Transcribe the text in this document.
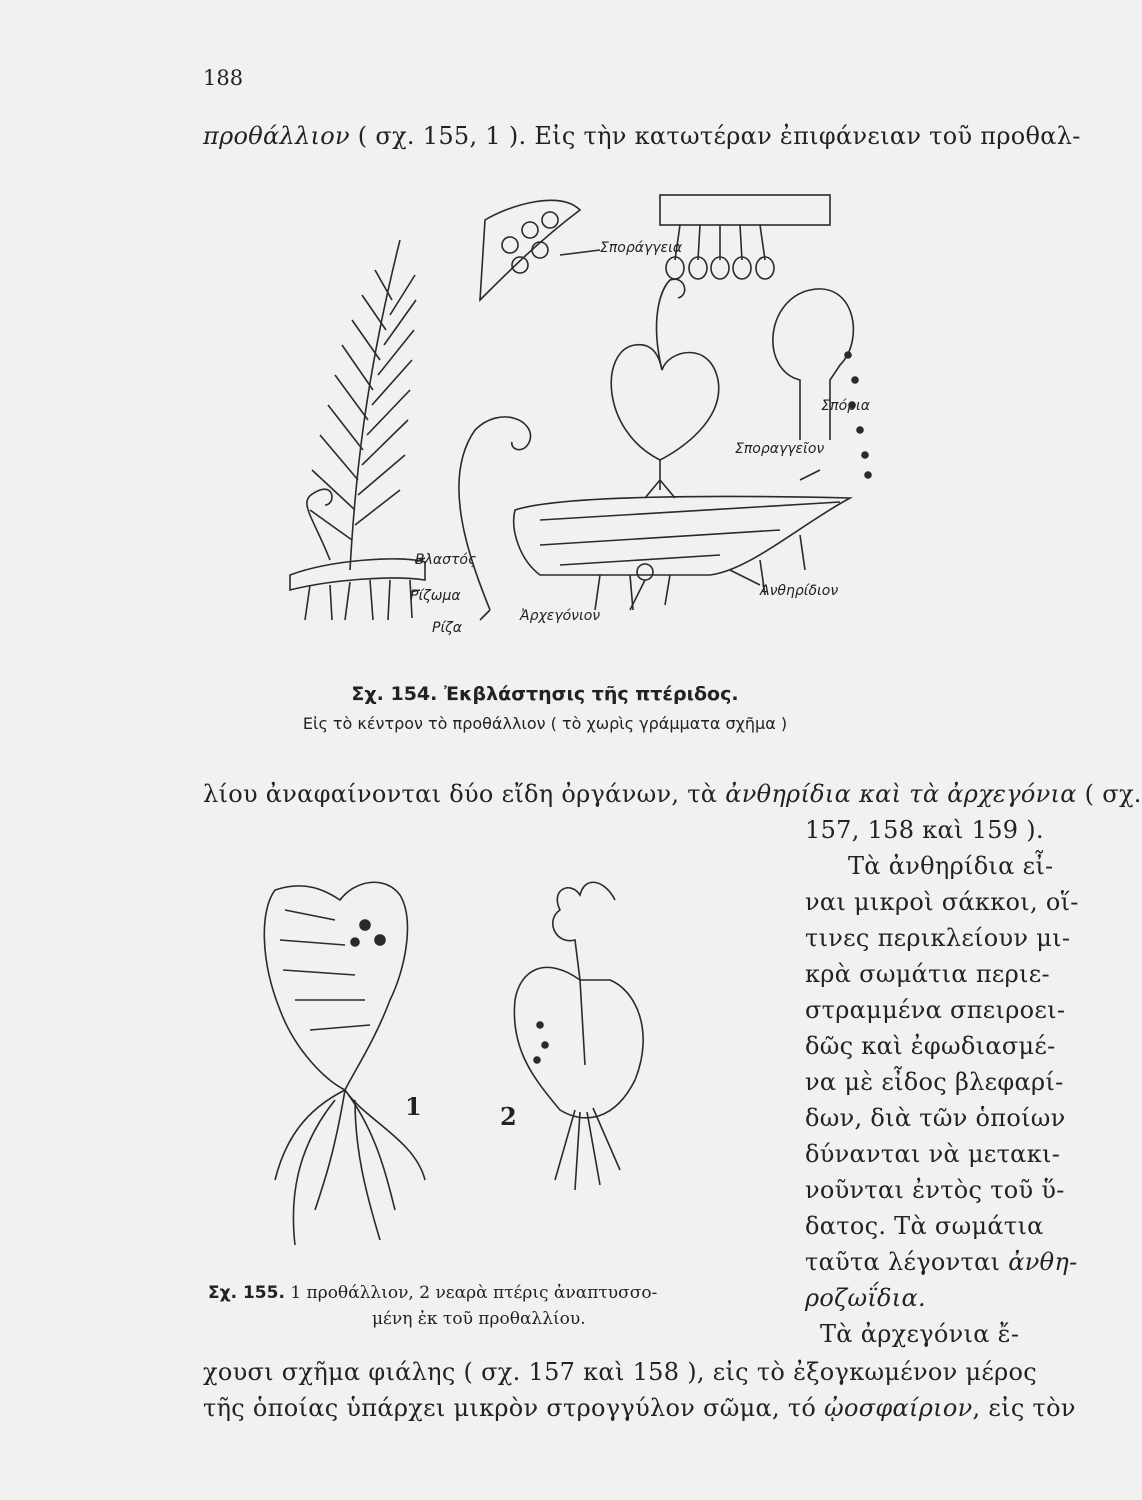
188
προθάλλιον ( σχ. 155, 1 ). Εἰς τὴν κατωτέραν ἐπιφάνειαν τοῦ προθαλ-
Σποράγγεια
Σπόρια
Σποραγγεῖον
Βλαστός
Ρίζωμα
Ρίζα
Ἀρχεγόνιον
Ἀνθηρίδιον
Σχ. 154. Ἐκβλάστησις τῆς πτέριδος.
Εἰς τὸ κέντρον τὸ προθάλλιον ( τὸ χωρὶς γράμματα σχῆμα )
λίου ἀναφαίνονται δύο εἴδη ὀργάνων, τὰ ἀνθηρίδια καὶ τὰ ἀρχεγόνια ( σχ.
157, 158 καὶ 159 ).
Τὰ ἀνθηρίδια εἶ-
ναι μικροὶ σάκκοι, οἵ-
τινες περικλείουν μι-
κρὰ σωμάτια περιε-
στραμμένα σπειροει-
δῶς καὶ ἐφωδιασμέ-
να μὲ εἶδος βλεφαρί-
δων, διὰ τῶν ὁποίων
δύνανται νὰ μετακι-
νοῦνται ἐντὸς τοῦ ὕ-
δατος. Τὰ σωμάτια
ταῦτα λέγονται ἀνθη-
ροζωΐδια.
Τὰ ἀρχεγόνια ἔ-
χουσι σχῆμα φιάλης ( σχ. 157 καὶ 158 ), εἰς τὸ ἐξογκωμένον μέρος
τῆς ὁποίας ὑπάρχει μικρὸν στρογγύλον σῶμα, τό ᾠοσφαίριον, εἰς τὸν
1	2
Σχ. 155. 1 προθάλλιον, 2 νεαρὰ πτέρις ἀναπτυσσο-
μένη ἐκ τοῦ προθαλλίου.
